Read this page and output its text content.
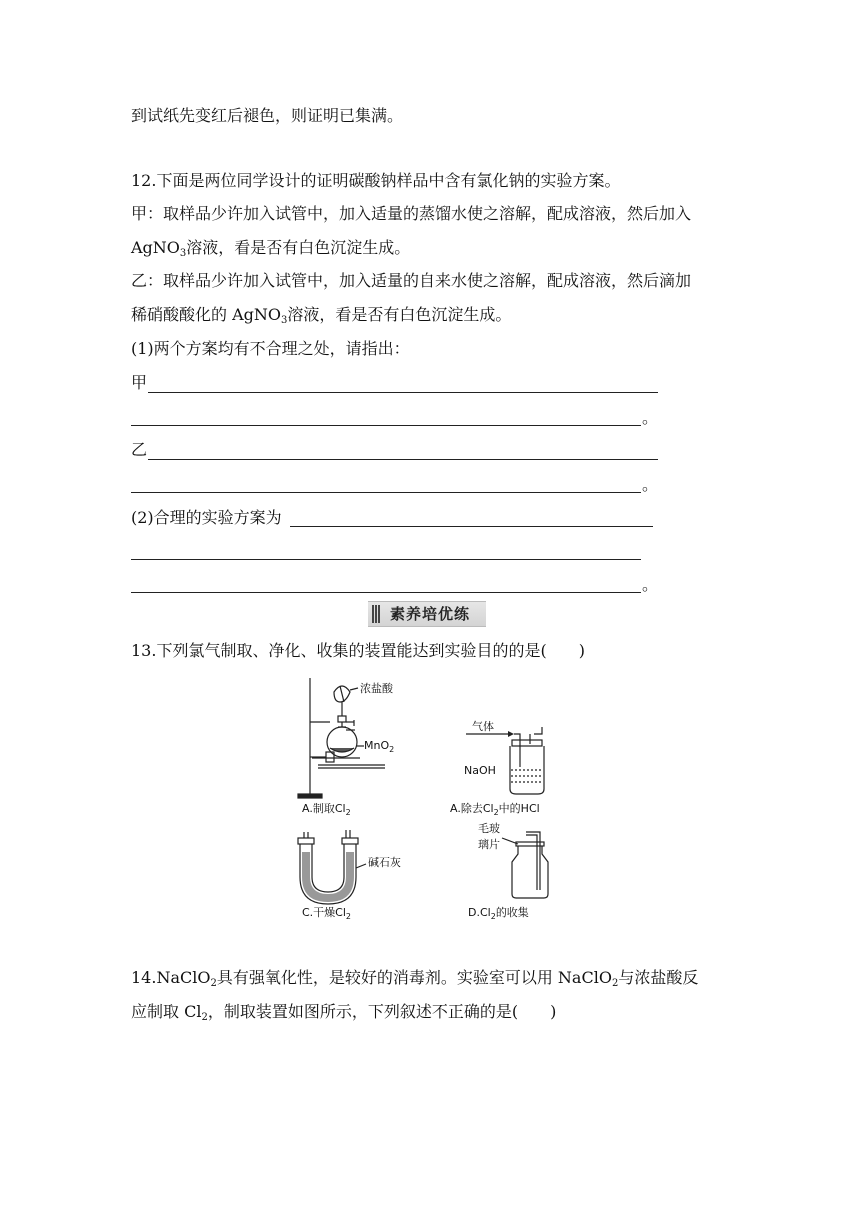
到试纸先变红后褪色，则证明已集满。
12.下面是两位同学设计的证明碳酸钠样品中含有氯化钠的实验方案。
甲：取样品少许加入试管中，加入适量的蒸馏水使之溶解，配成溶液，然后加入
AgNO$_3$溶液，看是否有白色沉淀生成。
乙：取样品少许加入试管中，加入适量的自来水使之溶解，配成溶液，然后滴加
稀硝酸酸化的 AgNO$_3$溶液，看是否有白色沉淀生成。
(1)两个方案均有不合理之处，请指出：
甲
。
乙
。
(2)合理的实验方案为
。
素养培优练
13.下列氯气制取、净化、收集的装置能达到实验目的的是(　　)
浓盐酸
MnO$_2$
A.制取$Cl_2$
气体
NaOH
A.除去$Cl_2$中的HCl
碱石灰
C.干燥$Cl_2$
毛玻
璃片
$D.Cl_2$的收集
14.NaClO$_2$具有强氧化性，是较好的消毒剂。实验室可以用 NaClO$_2$与浓盐酸反
应制取 $Cl_2$，制取装置如图所示，下列叙述不正确的是(　　)
